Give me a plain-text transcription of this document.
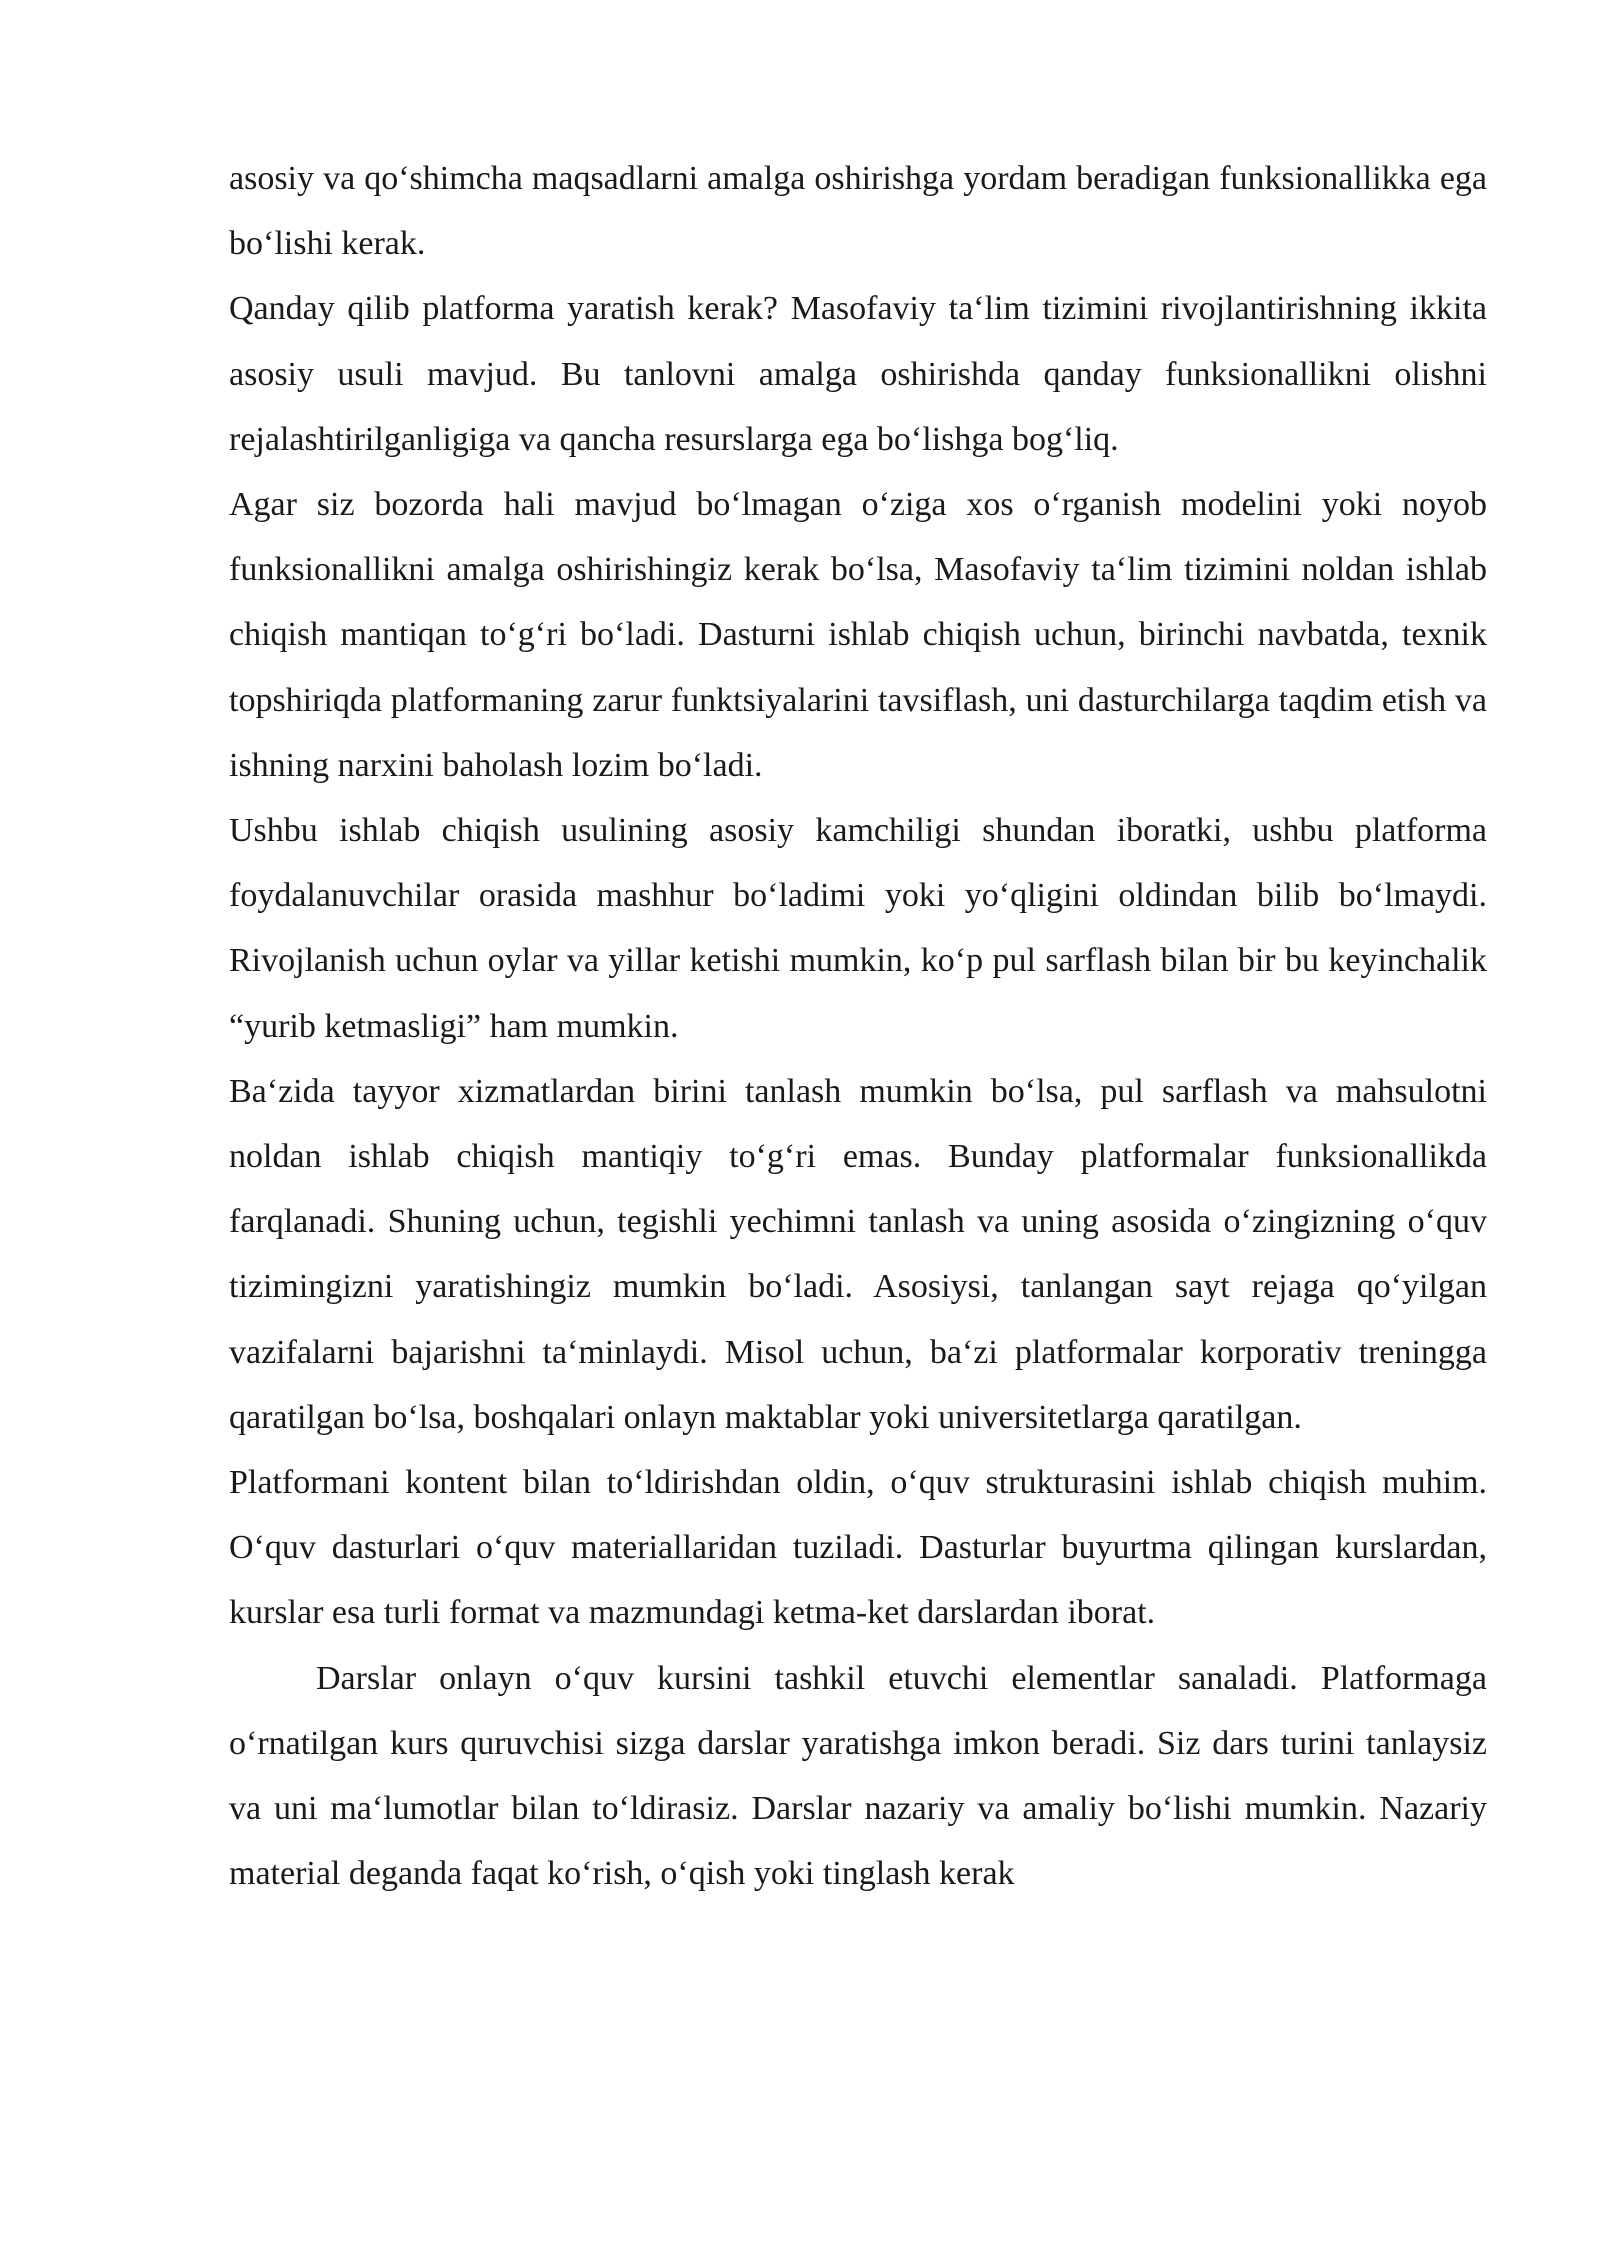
asosiy va qo‘shimcha maqsadlarni amalga oshirishga yordam beradigan funksionallikka ega bo‘lishi kerak.

Qanday qilib platforma yaratish kerak? Masofaviy ta‘lim tizimini rivojlantirishning ikkita asosiy usuli mavjud. Bu tanlovni amalga oshirishda qanday funksionallikni olishni rejalashtirilganligiga va qancha resurslarga ega bo‘lishga bog‘liq.

Agar siz bozorda hali mavjud bo‘lmagan o‘ziga xos o‘rganish modelini yoki noyob funksionallikni amalga oshirishingiz kerak bo‘lsa, Masofaviy ta‘lim tizimini noldan ishlab chiqish mantiqan to‘g‘ri bo‘ladi. Dasturni ishlab chiqish uchun, birinchi navbatda, texnik topshiriqda platformaning zarur funktsiyalarini tavsiflash, uni dasturchilarga taqdim etish va ishning narxini baholash lozim bo‘ladi.

Ushbu ishlab chiqish usulining asosiy kamchiligi shundan iboratki, ushbu platforma foydalanuvchilar orasida mashhur bo‘ladimi yoki yo‘qligini oldindan bilib bo‘lmaydi. Rivojlanish uchun oylar va yillar ketishi mumkin, ko‘p pul sarflash bilan bir bu keyinchalik “yurib ketmasligi” ham mumkin.

Ba‘zida tayyor xizmatlardan birini tanlash mumkin bo‘lsa, pul sarflash va mahsulotni noldan ishlab chiqish mantiqiy to‘g‘ri emas. Bunday platformalar funksionallikda farqlanadi. Shuning uchun, tegishli yechimni tanlash va uning asosida o‘zingizning o‘quv tizimingizni yaratishingiz mumkin bo‘ladi. Asosiysi, tanlangan sayt rejaga qo‘yilgan vazifalarni bajarishni ta‘minlaydi. Misol uchun, ba‘zi platformalar korporativ treningga qaratilgan bo‘lsa, boshqalari onlayn maktablar yoki universitetlarga qaratilgan.

Platformani kontent bilan to‘ldirishdan oldin, o‘quv strukturasini ishlab chiqish muhim. O‘quv dasturlari o‘quv materiallaridan tuziladi. Dasturlar buyurtma qilingan kurslardan, kurslar esa turli format va mazmundagi ketma-ket darslardan iborat.

Darslar onlayn o‘quv kursini tashkil etuvchi elementlar sanaladi. Platformaga o‘rnatilgan kurs quruvchisi sizga darslar yaratishga imkon beradi. Siz dars turini tanlaysiz va uni ma‘lumotlar bilan to‘ldirasiz. Darslar nazariy va amaliy bo‘lishi mumkin. Nazariy material deganda faqat ko‘rish, o‘qish yoki tinglash kerak
